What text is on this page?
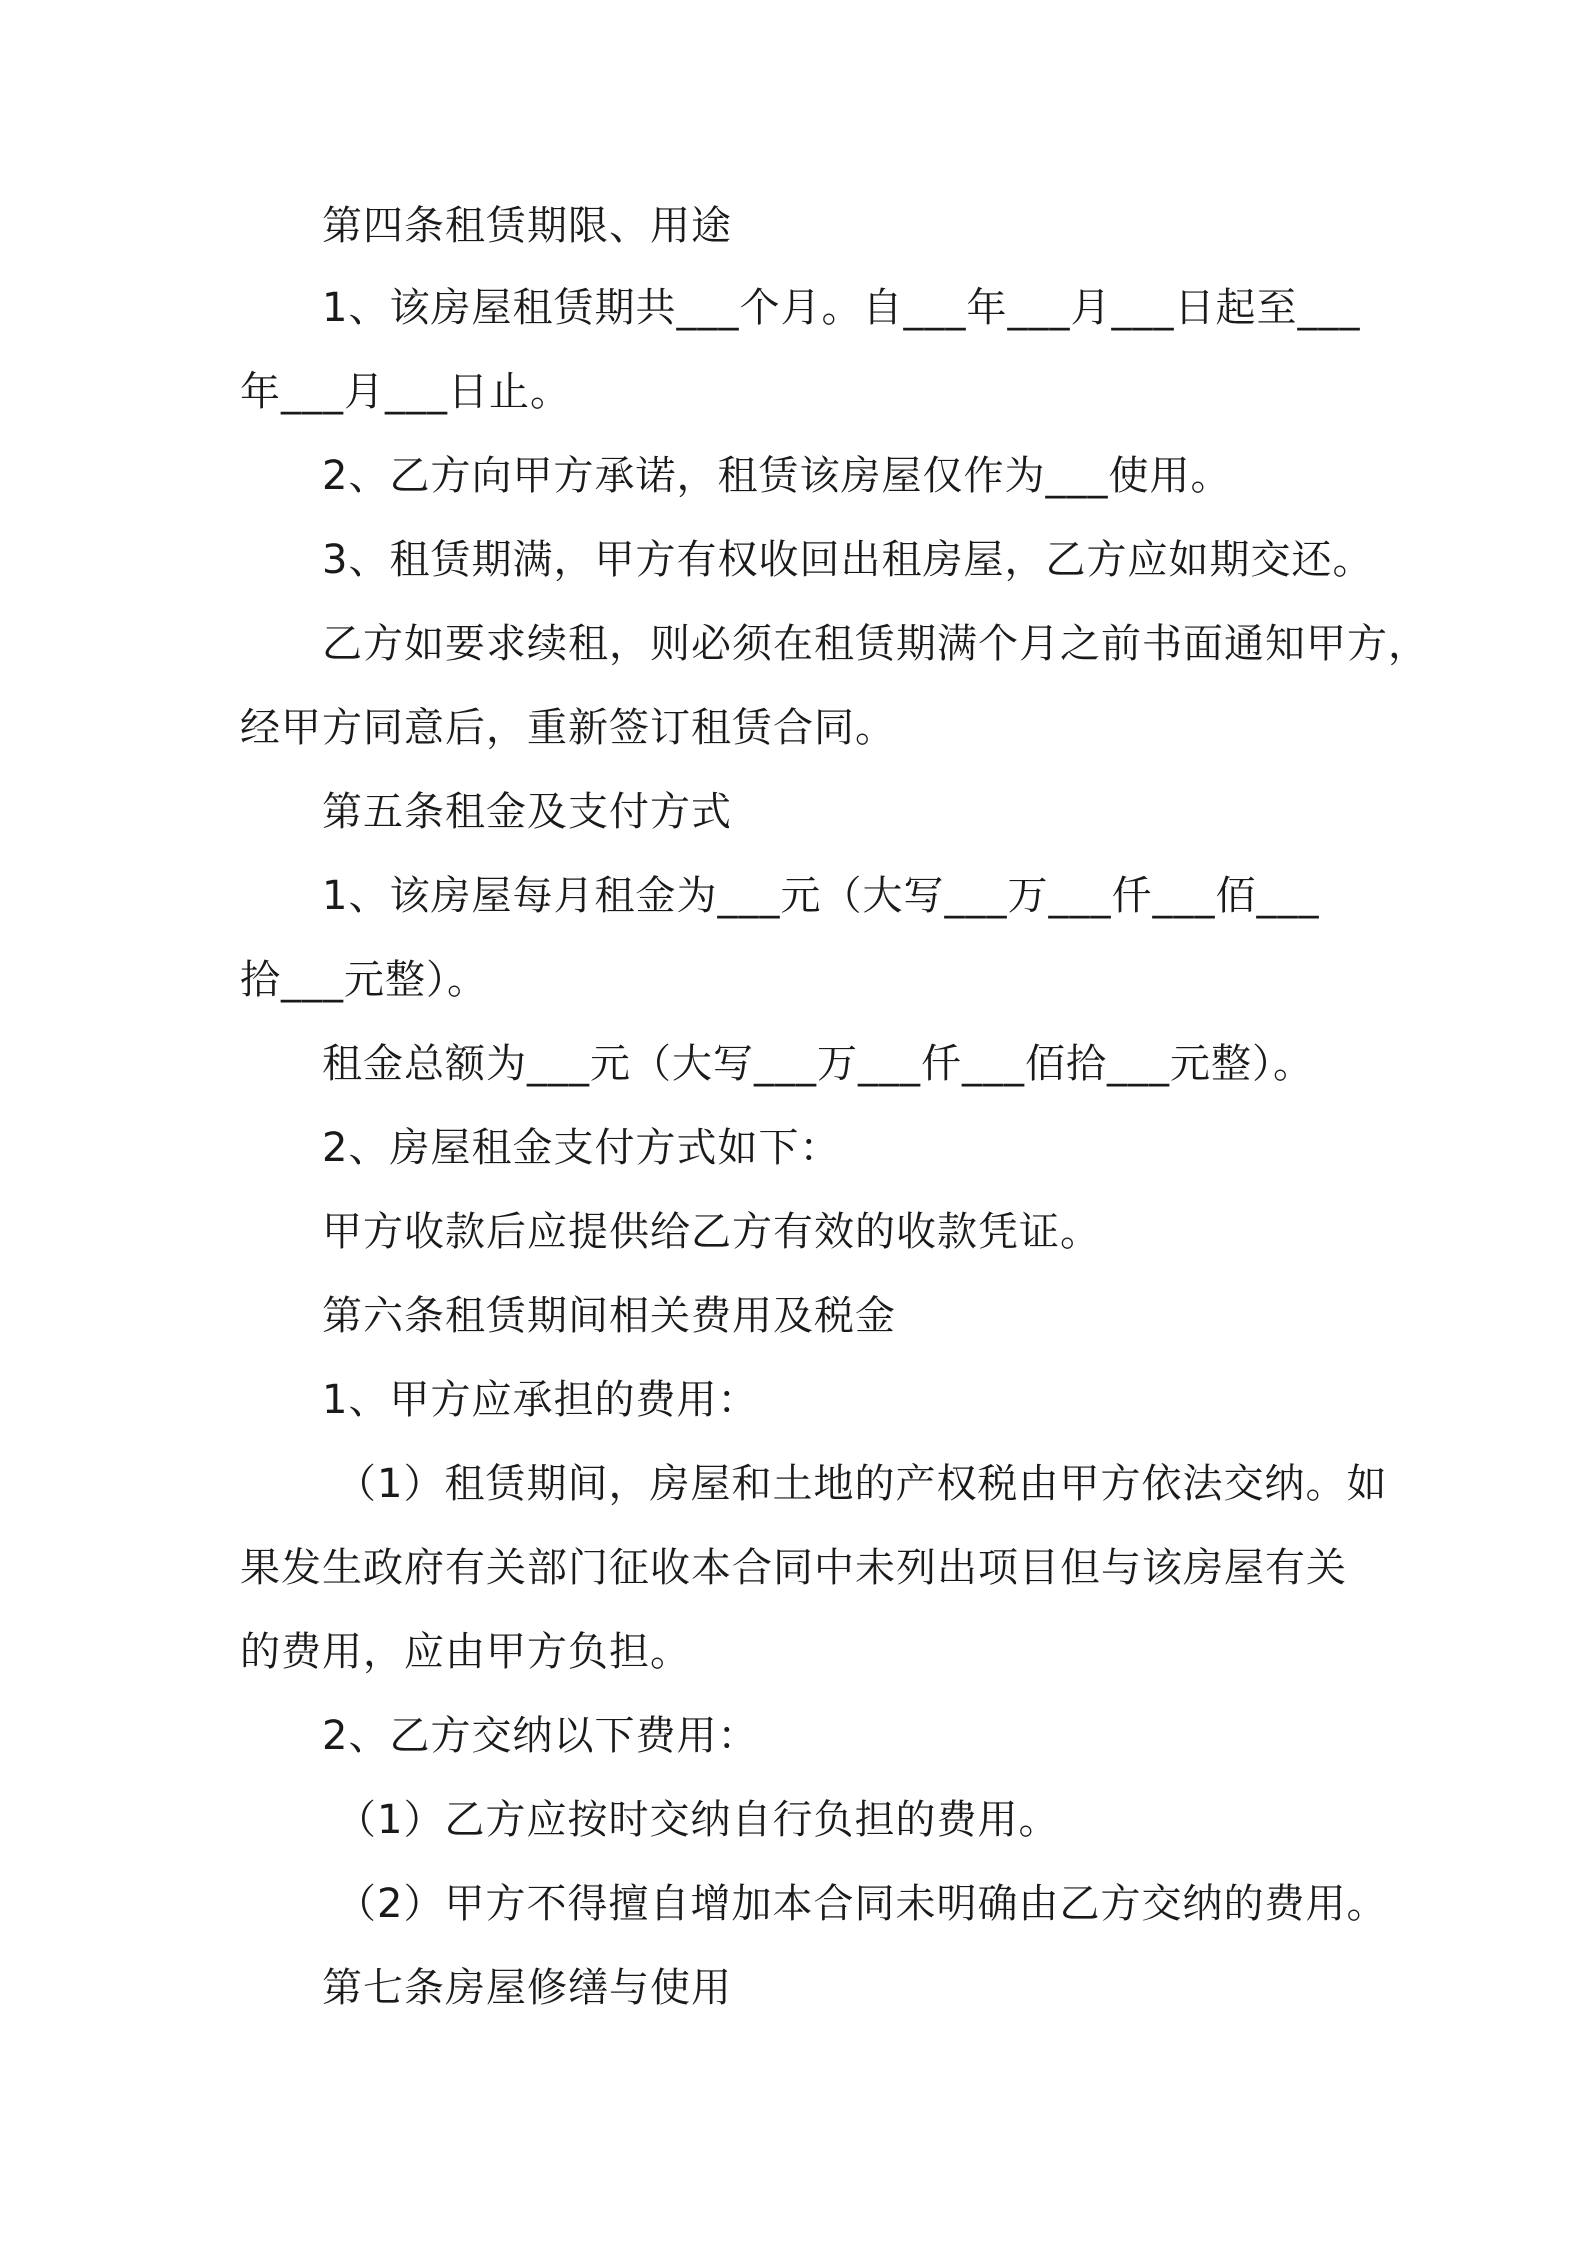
第四条租赁期限、用途
1、该房屋租赁期共___个月。自___年___月___日起至___
年___月___日止。
2、乙方向甲方承诺，租赁该房屋仅作为___使用。
3、租赁期满，甲方有权收回出租房屋，乙方应如期交还。
乙方如要求续租，则必须在租赁期满个月之前书面通知甲方，
经甲方同意后，重新签订租赁合同。
第五条租金及支付方式
1、该房屋每月租金为___元（大写___万___仟___佰___
拾___元整）。
租金总额为___元（大写___万___仟___佰拾___元整）。
2、房屋租金支付方式如下：
甲方收款后应提供给乙方有效的收款凭证。
第六条租赁期间相关费用及税金
1、甲方应承担的费用：
（1）租赁期间，房屋和土地的产权税由甲方依法交纳。如
果发生政府有关部门征收本合同中未列出项目但与该房屋有关
的费用，应由甲方负担。
2、乙方交纳以下费用：
（1）乙方应按时交纳自行负担的费用。
（2）甲方不得擅自增加本合同未明确由乙方交纳的费用。
第七条房屋修缮与使用
